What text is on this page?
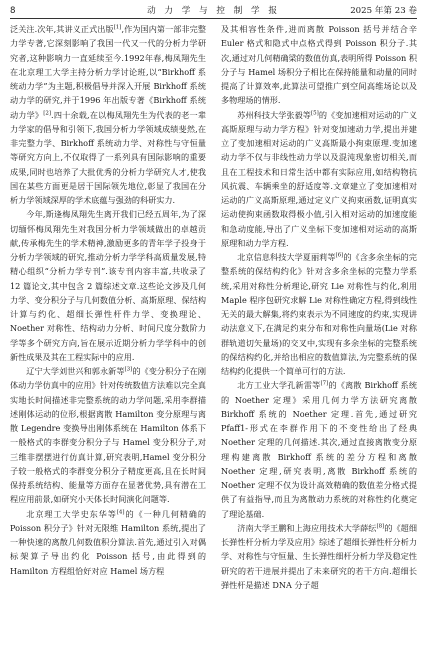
8	动 力 学 与 控 制 学 报	2025 年第 23 卷

泛关注.次年,其讲义正式出版[1],作为国内第一部非完整力学专著,它深刻影响了我国一代又一代的分析力学研究者,这种影响力一直延续至今.1992年春,梅凤翔先生在北京理工大学主持分析力学讨论班,以“Birkhoff 系统动力学”为主题,积极倡导并深入开展 Birkhoff 系统动力学的研究,并于1996 年出版专著《Birkhoff 系统动力学》[2].四十余载,在以梅凤翔先生为代表的老一辈力学家的倡导和引领下,我国分析力学领域成绩斐然,在非完整力学、Birkhoff 系统动力学、对称性与守恒量等研究方向上,不仅取得了一系列具有国际影响的重要成果,同时也培养了大批优秀的分析力学研究人才,使我国在某些方面更是居于国际领先地位,彰显了我国在分析力学领域深厚的学术底蕴与强劲的科研实力.

今年,斯逢梅凤翔先生离开我们已经五周年,为了深切缅怀梅凤翔先生对我国分析力学领域做出的卓越贡献,传承梅先生的学术精神,激励更多的青年学子投身于分析力学领域的研究,推动分析力学学科高质量发展,特精心组织“分析力学专刊”.该专刊内容丰富,共收录了 12 篇论文,其中包含 2 篇综述文章.这些论文涉及几何力学、变分积分子与几何数值分析、高斯原理、保结构计算与约化、超细长弹性杆件力学、变换理论、Noether 对称性、结构动力分析、时间尺度分数阶力学等多个研究方向,旨在展示近期分析力学学科中的创新性成果及其在工程实际中的应用.

辽宁大学刘世兴和郭永新等[3]的《变分积分子在刚体动力学仿真中的应用》针对传统数值方法难以完全真实地长时间描述非完整系统的动力学问题,采用李群描述刚体运动的位形,根据离散 Hamilton 变分原理与离散 Legendre 变换导出刚体系统在 Hamilton 体系下一般格式的李群变分积分子与 Hamel 变分积分子,对三维非摆摆进行仿真计算,研究表明,Hamel 变分积分子较一般格式的李群变分积分子精度更高,且在长时间保持系统结构、能量等方面存在显著优势,具有潜在工程应用前景,如研究小天体长时间演化问题等.

北京理工大学史东华等[4]的《一种几何精确的 Poisson 积分子》针对无限维 Hamilton 系统,提出了一种快速的离散几何数值积分算法.首先,通过引入对偶标架算子导出约化 Poisson 括号,由此得到的 Hamilton 方程组恰好对应 Hamel 场方程

及其相容性条件,进而离散 Poisson 括号并结合辛 Euler 格式和隐式中点格式得到 Poisson 积分子.其次,通过对几何精确梁的数值仿真,表明所得 Poisson 积分子与 Hamel 场积分子相比在保持能量和动量的同时提高了计算效率,此算法可望推广到空间高维场论以及多物理场的情形.

苏州科技大学张毅等[5]的《变加速相对运动的广义高斯原理与动力学方程》针对变加速动力学,提出并建立了变加速相对运动的广义高斯最小拘束原理.变加速动力学不仅与非线性动力学以及混沌现象密切相关,而且在工程技术和日常生活中都有实际应用,如结构物抗风抗震、车辆乘坐的舒适度等.文章建立了变加速相对运动的广义高斯原理,通过定义广义拘束函数,证明真实运动使拘束函数取得极小值,引入相对运动的加速度能和急动度能,导出了广义坐标下变加速相对运动的高斯原理和动力学方程.

北京信息科技大学夏丽莉等[6]的《含多余坐标的完整系统的保结构约化》针对含多余坐标的完整力学系统,采用对称性分析理论,研究 Lie 对称性与约化,利用 Maple 程序包研究求解 Lie 对称性确定方程,得到线性无关的最大解集,将约束表示为不同速度的约束,实现讲动法意义下,在满足约束分布和对称性向量场(Lie 对称群轨道切矢量场)的交叉中,实现有多余坐标的完整系统的保结构约化,并给出相应的数值算法,为完整系统的保结构约化提供一个简单可行的方法.

北方工业大学孔新雷等[7]的《离散 Birkhoff 系统的 Noether 定理》采用几何力学方法研究离散 Birkhoff 系统的 Noether 定理.首先,通过研究 Pfaff1-形式在李群作用下的不变性给出了经典 Noether 定理的几何描述.其次,通过直接离散变分原理构建离散 Birkhoff 系统的差分方程和离散 Noether 定理,研究表明,离散 Birkhoff 系统的 Noether 定理不仅为设计高效精确的数值差分格式提供了有益指导,而且为离散动力系统的对称性约化奠定了理论基础.

济南大学王鹏和上海应用技术大学薛纭[8]的《超细长弹性杆分析力学及应用》综述了超细长弹性杆分析力学、对称性与守恒量、生长弹性细杆分析力学及稳定性研究的若干进展并提出了未来研究的若干方向.超细长弹性杆是描述 DNA 分子超
